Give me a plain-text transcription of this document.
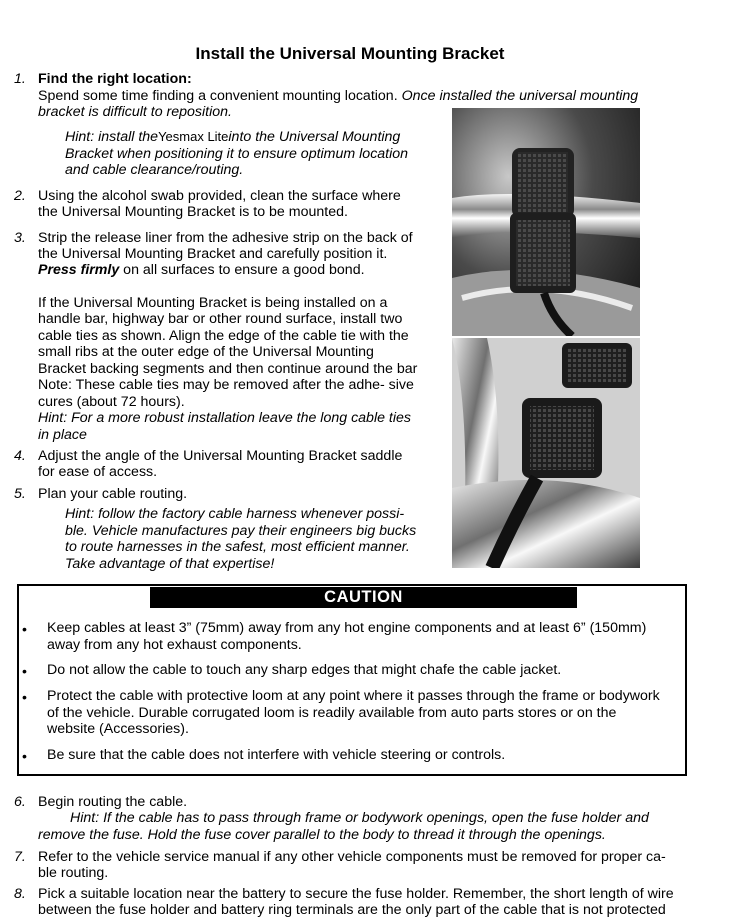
Install the Universal Mounting Bracket
1. Find the right location:
Spend some time finding a convenient mounting location. Once installed the universal mounting
bracket is difficult to reposition.
Hint: install theYesmax Liteinto the Universal Mounting
Bracket when positioning it to ensure optimum location
and cable clearance/routing.
2. Using the alcohol swab provided, clean the surface where
the Universal Mounting Bracket is to be mounted.
3. Strip the release liner from the adhesive strip on the back of
the Universal Mounting Bracket and carefully position it.
Press firmly on all surfaces to ensure a good bond.
If the Universal Mounting Bracket is being installed on a
handle bar, highway bar or other round surface, install two
cable ties as shown. Align the edge of the cable tie with the
small ribs at the outer edge of the Universal Mounting
Bracket backing segments and then continue around the bar
Note: These cable ties may be removed after the adhe- sive
cures (about 72 hours).
Hint: For a more robust installation leave the long cable ties
in place
4. Adjust the angle of the Universal Mounting Bracket saddle
for ease of access.
5. Plan your cable routing.
Hint: follow the factory cable harness whenever possi-
ble. Vehicle manufactures pay their engineers big bucks
to route harnesses in the safest, most efficient manner.
Take advantage of that expertise!
CAUTION
• Keep cables at least 3” (75mm) away from any hot engine components and at least 6” (150mm)
away from any hot exhaust components.
• Do not allow the cable to touch any sharp edges that might chafe the cable jacket.
• Protect the cable with protective loom at any point where it passes through the frame or bodywork
of the vehicle. Durable corrugated loom is readily available from auto parts stores or on the
website (Accessories).
• Be sure that the cable does not interfere with vehicle steering or controls.
6. Begin routing the cable.
Hint: If the cable has to pass through frame or bodywork openings, open the fuse holder and
remove the fuse. Hold the fuse cover parallel to the body to thread it through the openings.
7. Refer to the vehicle service manual if any other vehicle components must be removed for proper ca-
ble routing.
8. Pick a suitable location near the battery to secure the fuse holder. Remember, the short length of wire
between the fuse holder and battery ring terminals are the only part of the cable that is not protected
